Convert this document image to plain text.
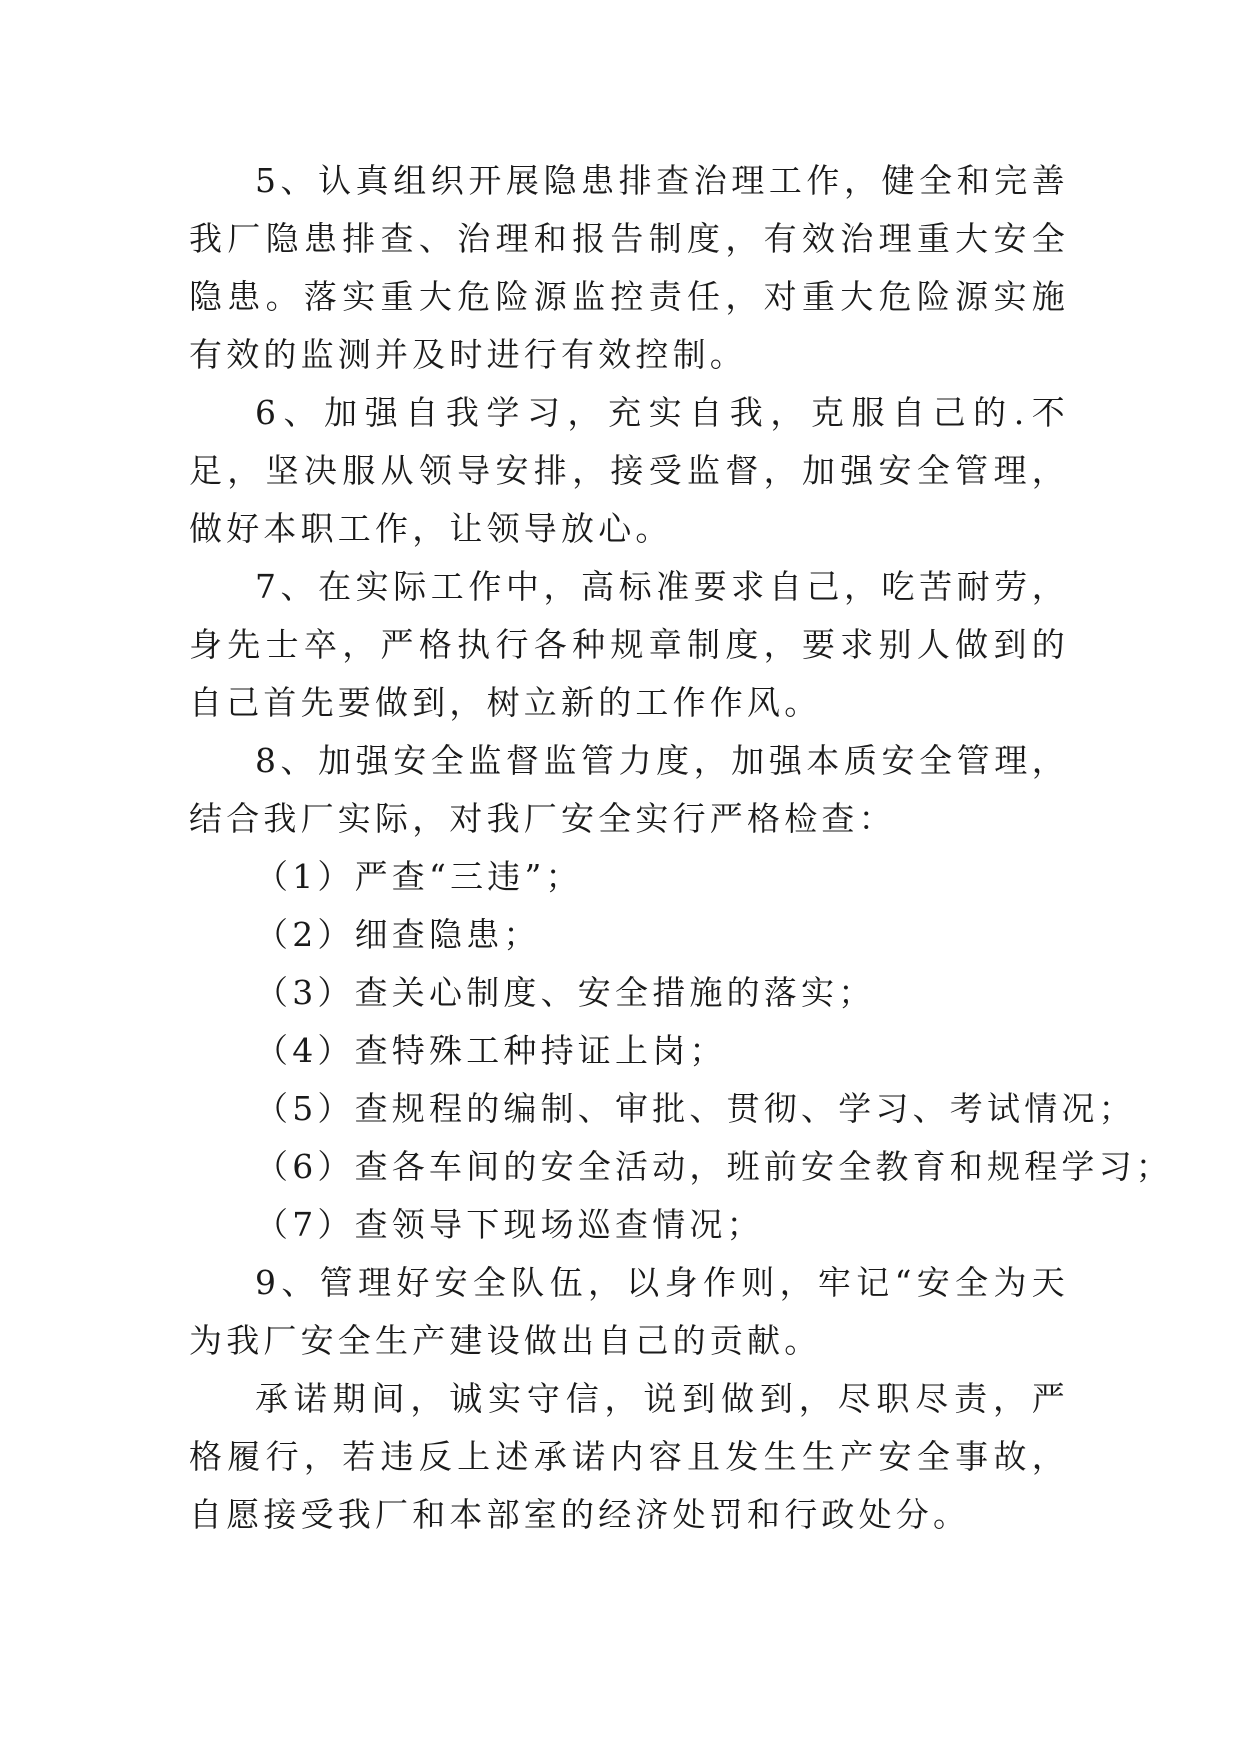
5、认真组织开展隐患排查治理工作，健全和完善我厂隐患排查、治理和报告制度，有效治理重大安全隐患。落实重大危险源监控责任，对重大危险源实施有效的监测并及时进行有效控制。

6、加强自我学习，充实自我，克服自己的.不足，坚决服从领导安排，接受监督，加强安全管理，做好本职工作，让领导放心。

7、在实际工作中，高标准要求自己，吃苦耐劳，身先士卒，严格执行各种规章制度，要求别人做到的自己首先要做到，树立新的工作作风。

8、加强安全监督监管力度，加强本质安全管理，结合我厂实际，对我厂安全实行严格检查：

（1）严查“三违”；

（2）细查隐患；

（3）查关心制度、安全措施的落实；

（4）查特殊工种持证上岗；

（5）查规程的编制、审批、贯彻、学习、考试情况；

（6）查各车间的安全活动，班前安全教育和规程学习；

（7）查领导下现场巡查情况；

9、管理好安全队伍，以身作则，牢记“安全为天为我厂安全生产建设做出自己的贡献。

承诺期间，诚实守信，说到做到，尽职尽责，严格履行，若违反上述承诺内容且发生生产安全事故，自愿接受我厂和本部室的经济处罚和行政处分。
